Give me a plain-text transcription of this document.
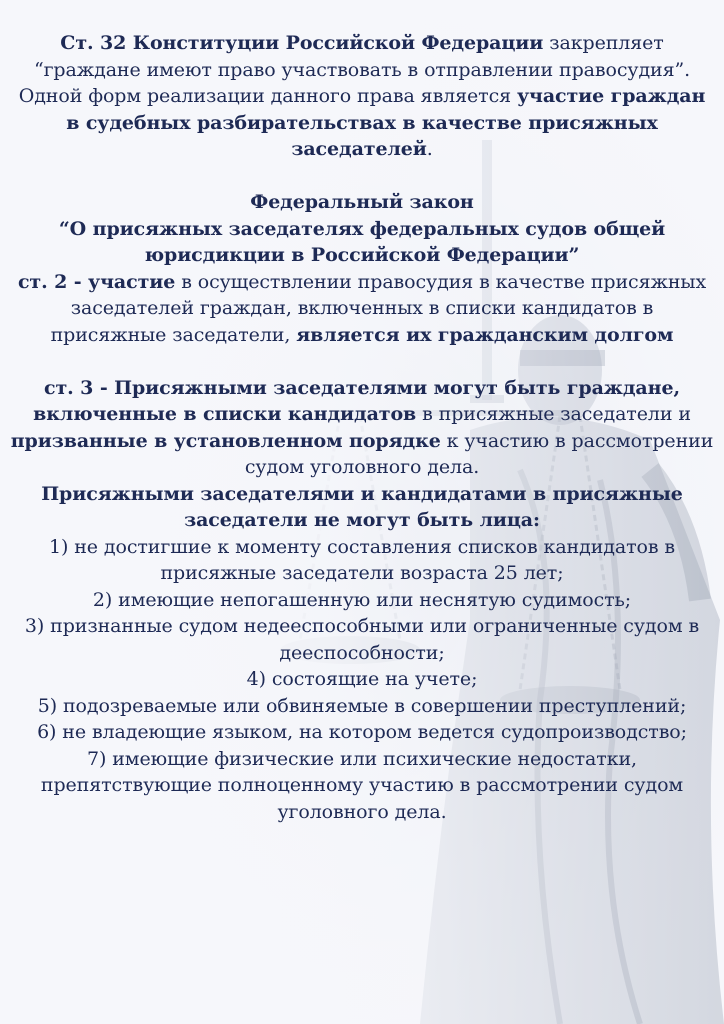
Ст. 32 Конституции Российской Федерации закрепляет “граждане имеют право участвовать в отправлении правосудия”.

Одной форм реализации данного права является участие граждан в судебных разбирательствах в качестве присяжных заседателей.

Федеральный закон

“О присяжных заседателях федеральных судов общей юрисдикции в Российской Федерации”

ст. 2 - участие в осуществлении правосудия в качестве присяжных заседателей граждан, включенных в списки кандидатов в присяжные заседатели, является их гражданским долгом

ст. 3 - Присяжными заседателями могут быть граждане, включенные в списки кандидатов в присяжные заседатели и призванные в установленном порядке к участию в рассмотрении судом уголовного дела.

Присяжными заседателями и кандидатами в присяжные заседатели не могут быть лица:

1) не достигшие к моменту составления списков кандидатов в присяжные заседатели возраста 25 лет;

2) имеющие непогашенную или неснятую судимость;

3) признанные судом недееспособными или ограниченные судом в дееспособности;

4) состоящие на учете;

5) подозреваемые или обвиняемые в совершении преступлений;

6) не владеющие языком, на котором ведется судопроизводство;

7) имеющие физические или психические недостатки, препятствующие полноценному участию в рассмотрении судом уголовного дела.
